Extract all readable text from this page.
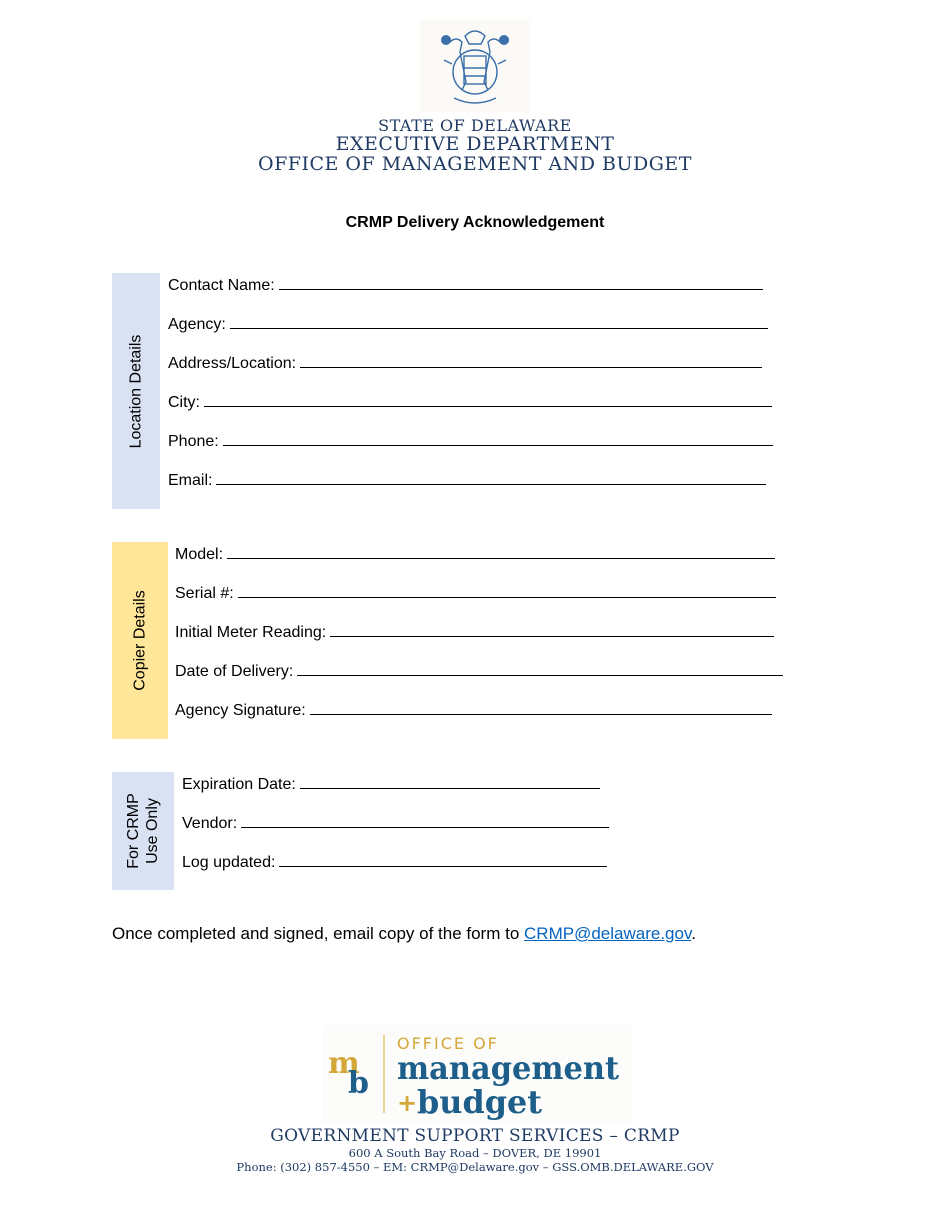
STATE OF DELAWARE
EXECUTIVE DEPARTMENT
OFFICE OF MANAGEMENT AND BUDGET
CRMP Delivery Acknowledgement
Location Details
Contact Name:
Agency:
Address/Location:
City:
Phone:
Email:
Copier Details
Model:
Serial #:
Initial Meter Reading:
Date of Delivery:
Agency Signature:
For CRMP Use Only
Expiration Date:
Vendor:
Log updated:
Once completed and signed, email copy of the form to CRMP@delaware.gov.
m
b
OFFICE OF
management
+ budget
GOVERNMENT SUPPORT SERVICES – CRMP
600 A South Bay Road – DOVER, DE 19901
Phone: (302) 857-4550 – EM: CRMP@Delaware.gov – GSS.OMB.DELAWARE.GOV
